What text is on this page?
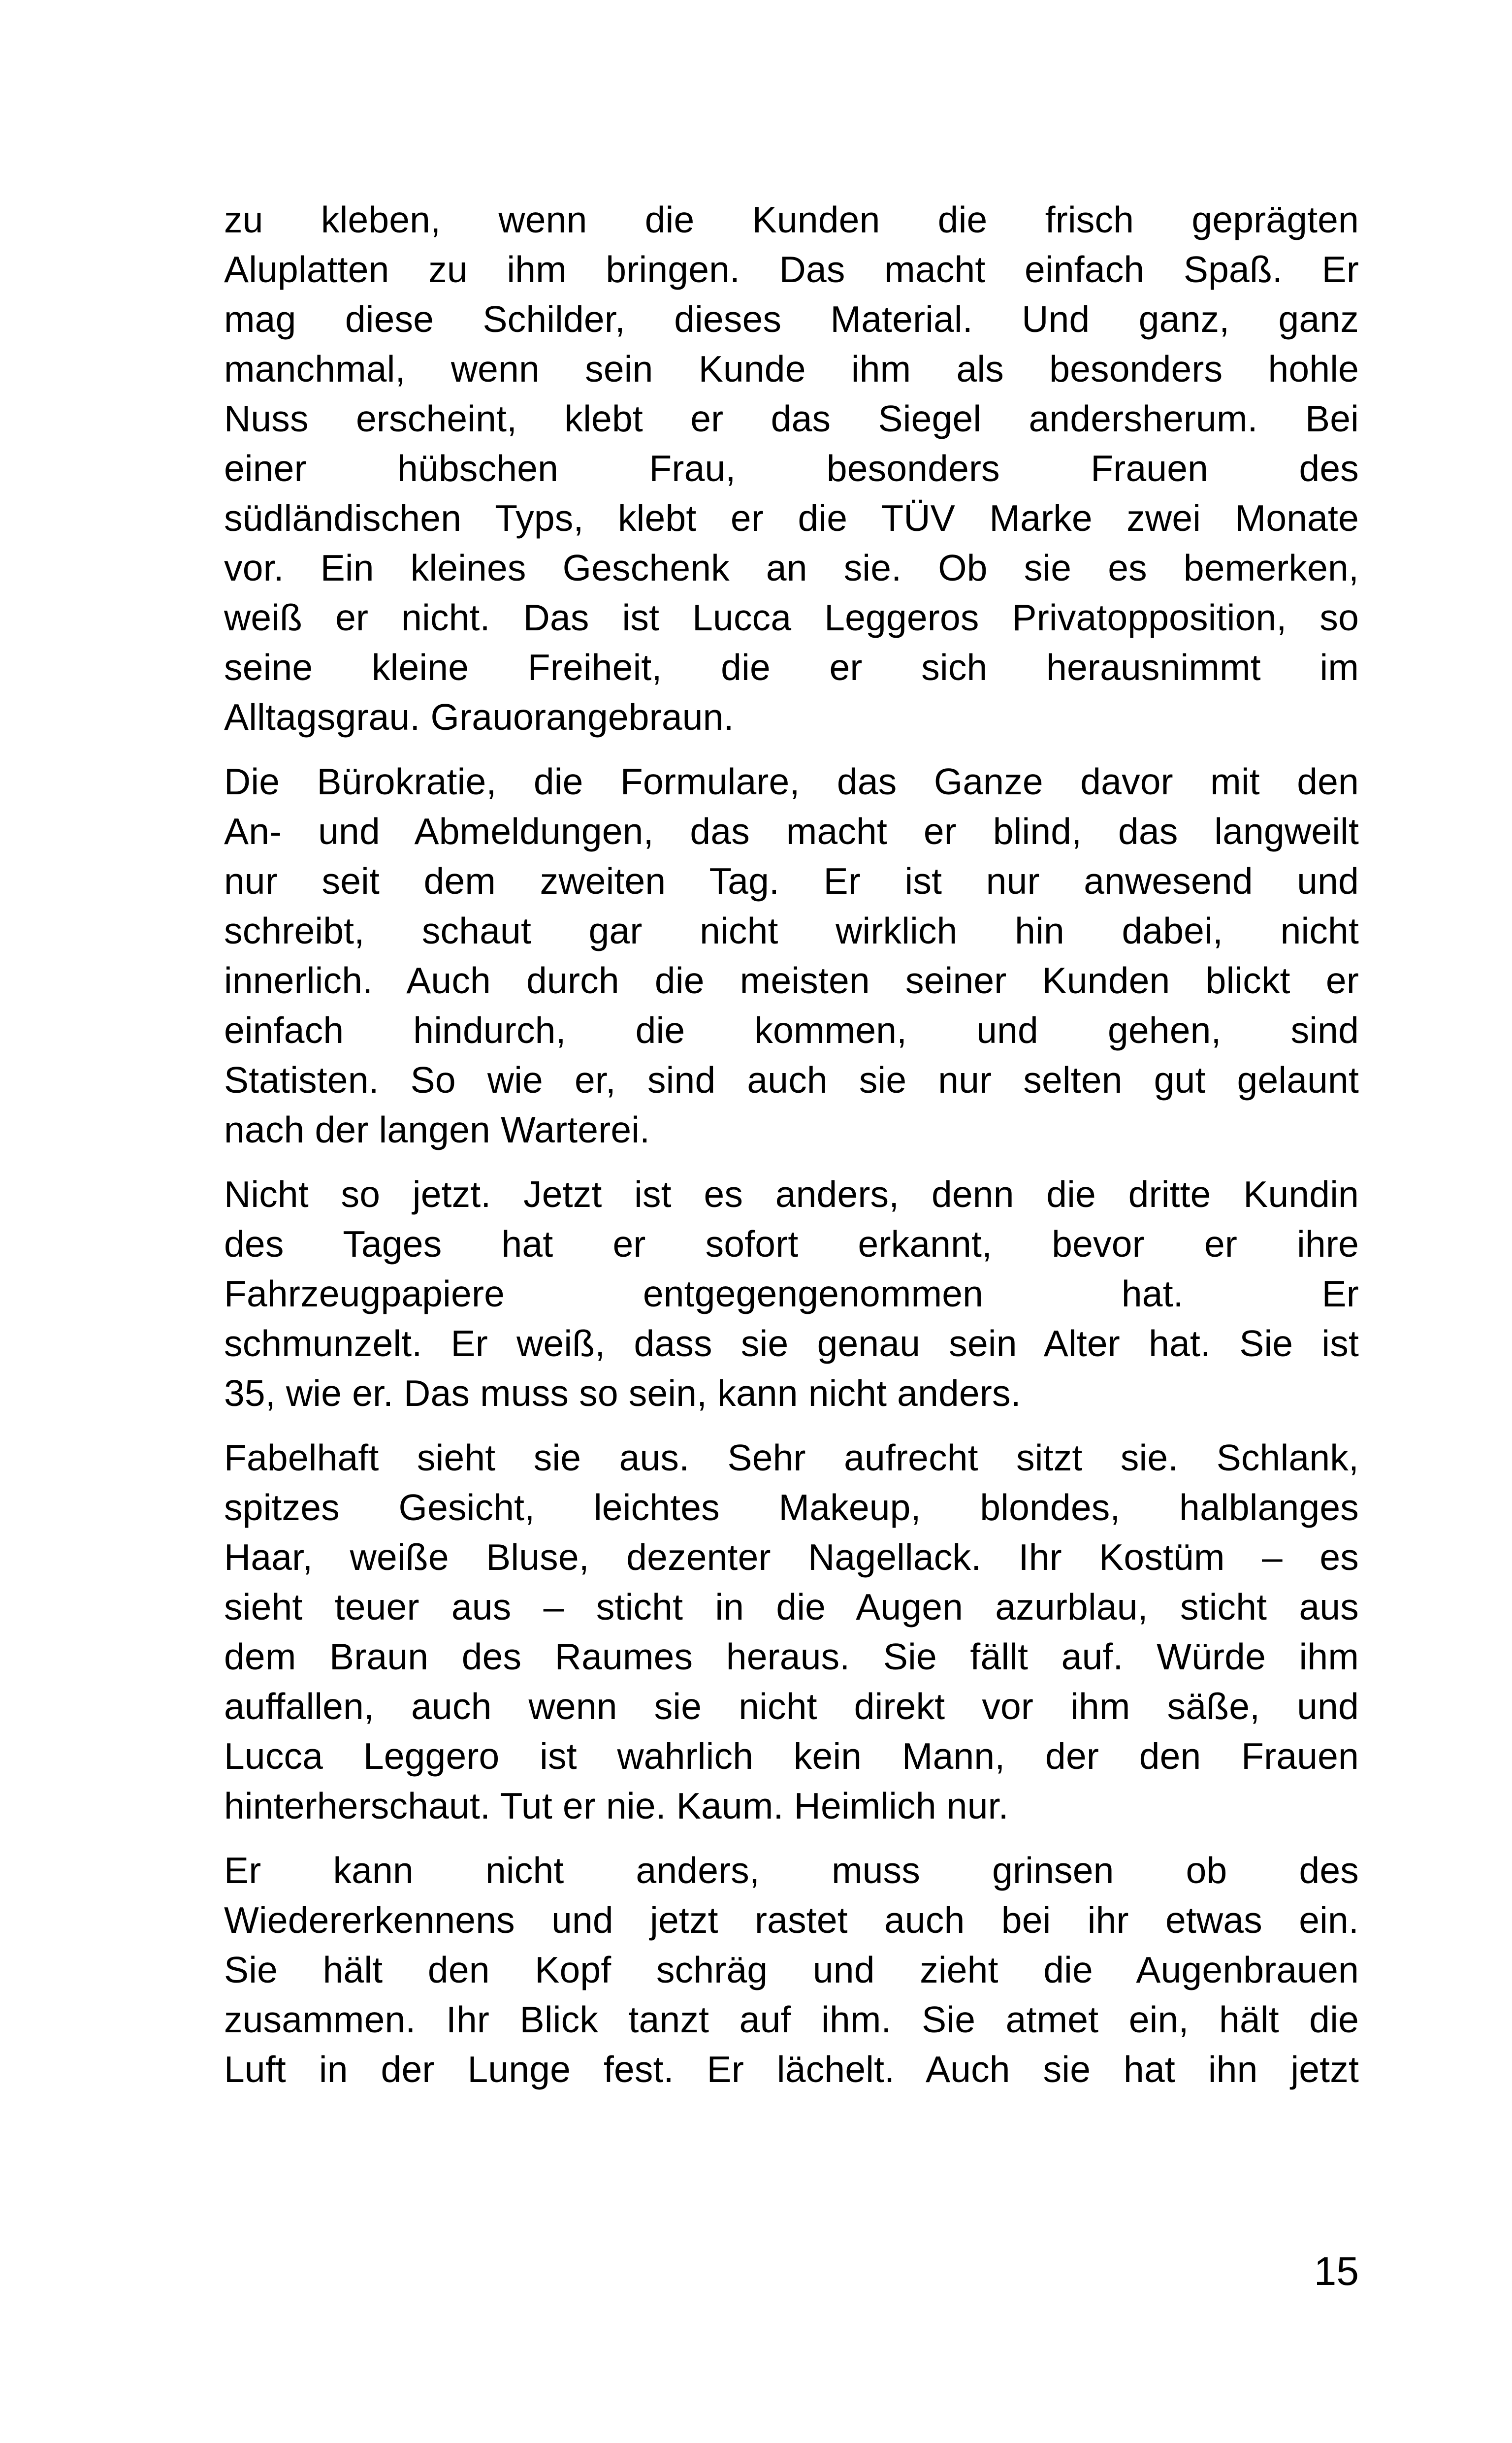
zu kleben, wenn die Kunden die frisch geprägten
Aluplatten zu ihm bringen. Das macht einfach Spaß. Er
mag diese Schilder, dieses Material. Und ganz, ganz
manchmal, wenn sein Kunde ihm als besonders hohle
Nuss erscheint, klebt er das Siegel andersherum. Bei
einer hübschen Frau, besonders Frauen des
südländischen Typs, klebt er die TÜV Marke zwei Monate
vor. Ein kleines Geschenk an sie. Ob sie es bemerken,
weiß er nicht. Das ist Lucca Leggeros Privatopposition, so
seine kleine Freiheit, die er sich herausnimmt im
Alltagsgrau. Grauorangebraun.

Die Bürokratie, die Formulare, das Ganze davor mit den
An- und Abmeldungen, das macht er blind, das langweilt
nur seit dem zweiten Tag. Er ist nur anwesend und
schreibt, schaut gar nicht wirklich hin dabei, nicht
innerlich. Auch durch die meisten seiner Kunden blickt er
einfach hindurch, die kommen, und gehen, sind
Statisten. So wie er, sind auch sie nur selten gut gelaunt
nach der langen Warterei.

Nicht so jetzt. Jetzt ist es anders, denn die dritte Kundin
des Tages hat er sofort erkannt, bevor er ihre
Fahrzeugpapiere entgegengenommen hat. Er
schmunzelt. Er weiß, dass sie genau sein Alter hat. Sie ist
35, wie er. Das muss so sein, kann nicht anders.

Fabelhaft sieht sie aus. Sehr aufrecht sitzt sie. Schlank,
spitzes Gesicht, leichtes Makeup, blondes, halblanges
Haar, weiße Bluse, dezenter Nagellack. Ihr Kostüm – es
sieht teuer aus – sticht in die Augen azurblau, sticht aus
dem Braun des Raumes heraus. Sie fällt auf. Würde ihm
auffallen, auch wenn sie nicht direkt vor ihm säße, und
Lucca Leggero ist wahrlich kein Mann, der den Frauen
hinterherschaut. Tut er nie. Kaum. Heimlich nur.

Er kann nicht anders, muss grinsen ob des
Wiedererkennens und jetzt rastet auch bei ihr etwas ein.
Sie hält den Kopf schräg und zieht die Augenbrauen
zusammen. Ihr Blick tanzt auf ihm. Sie atmet ein, hält die
Luft in der Lunge fest. Er lächelt. Auch sie hat ihn jetzt

15
